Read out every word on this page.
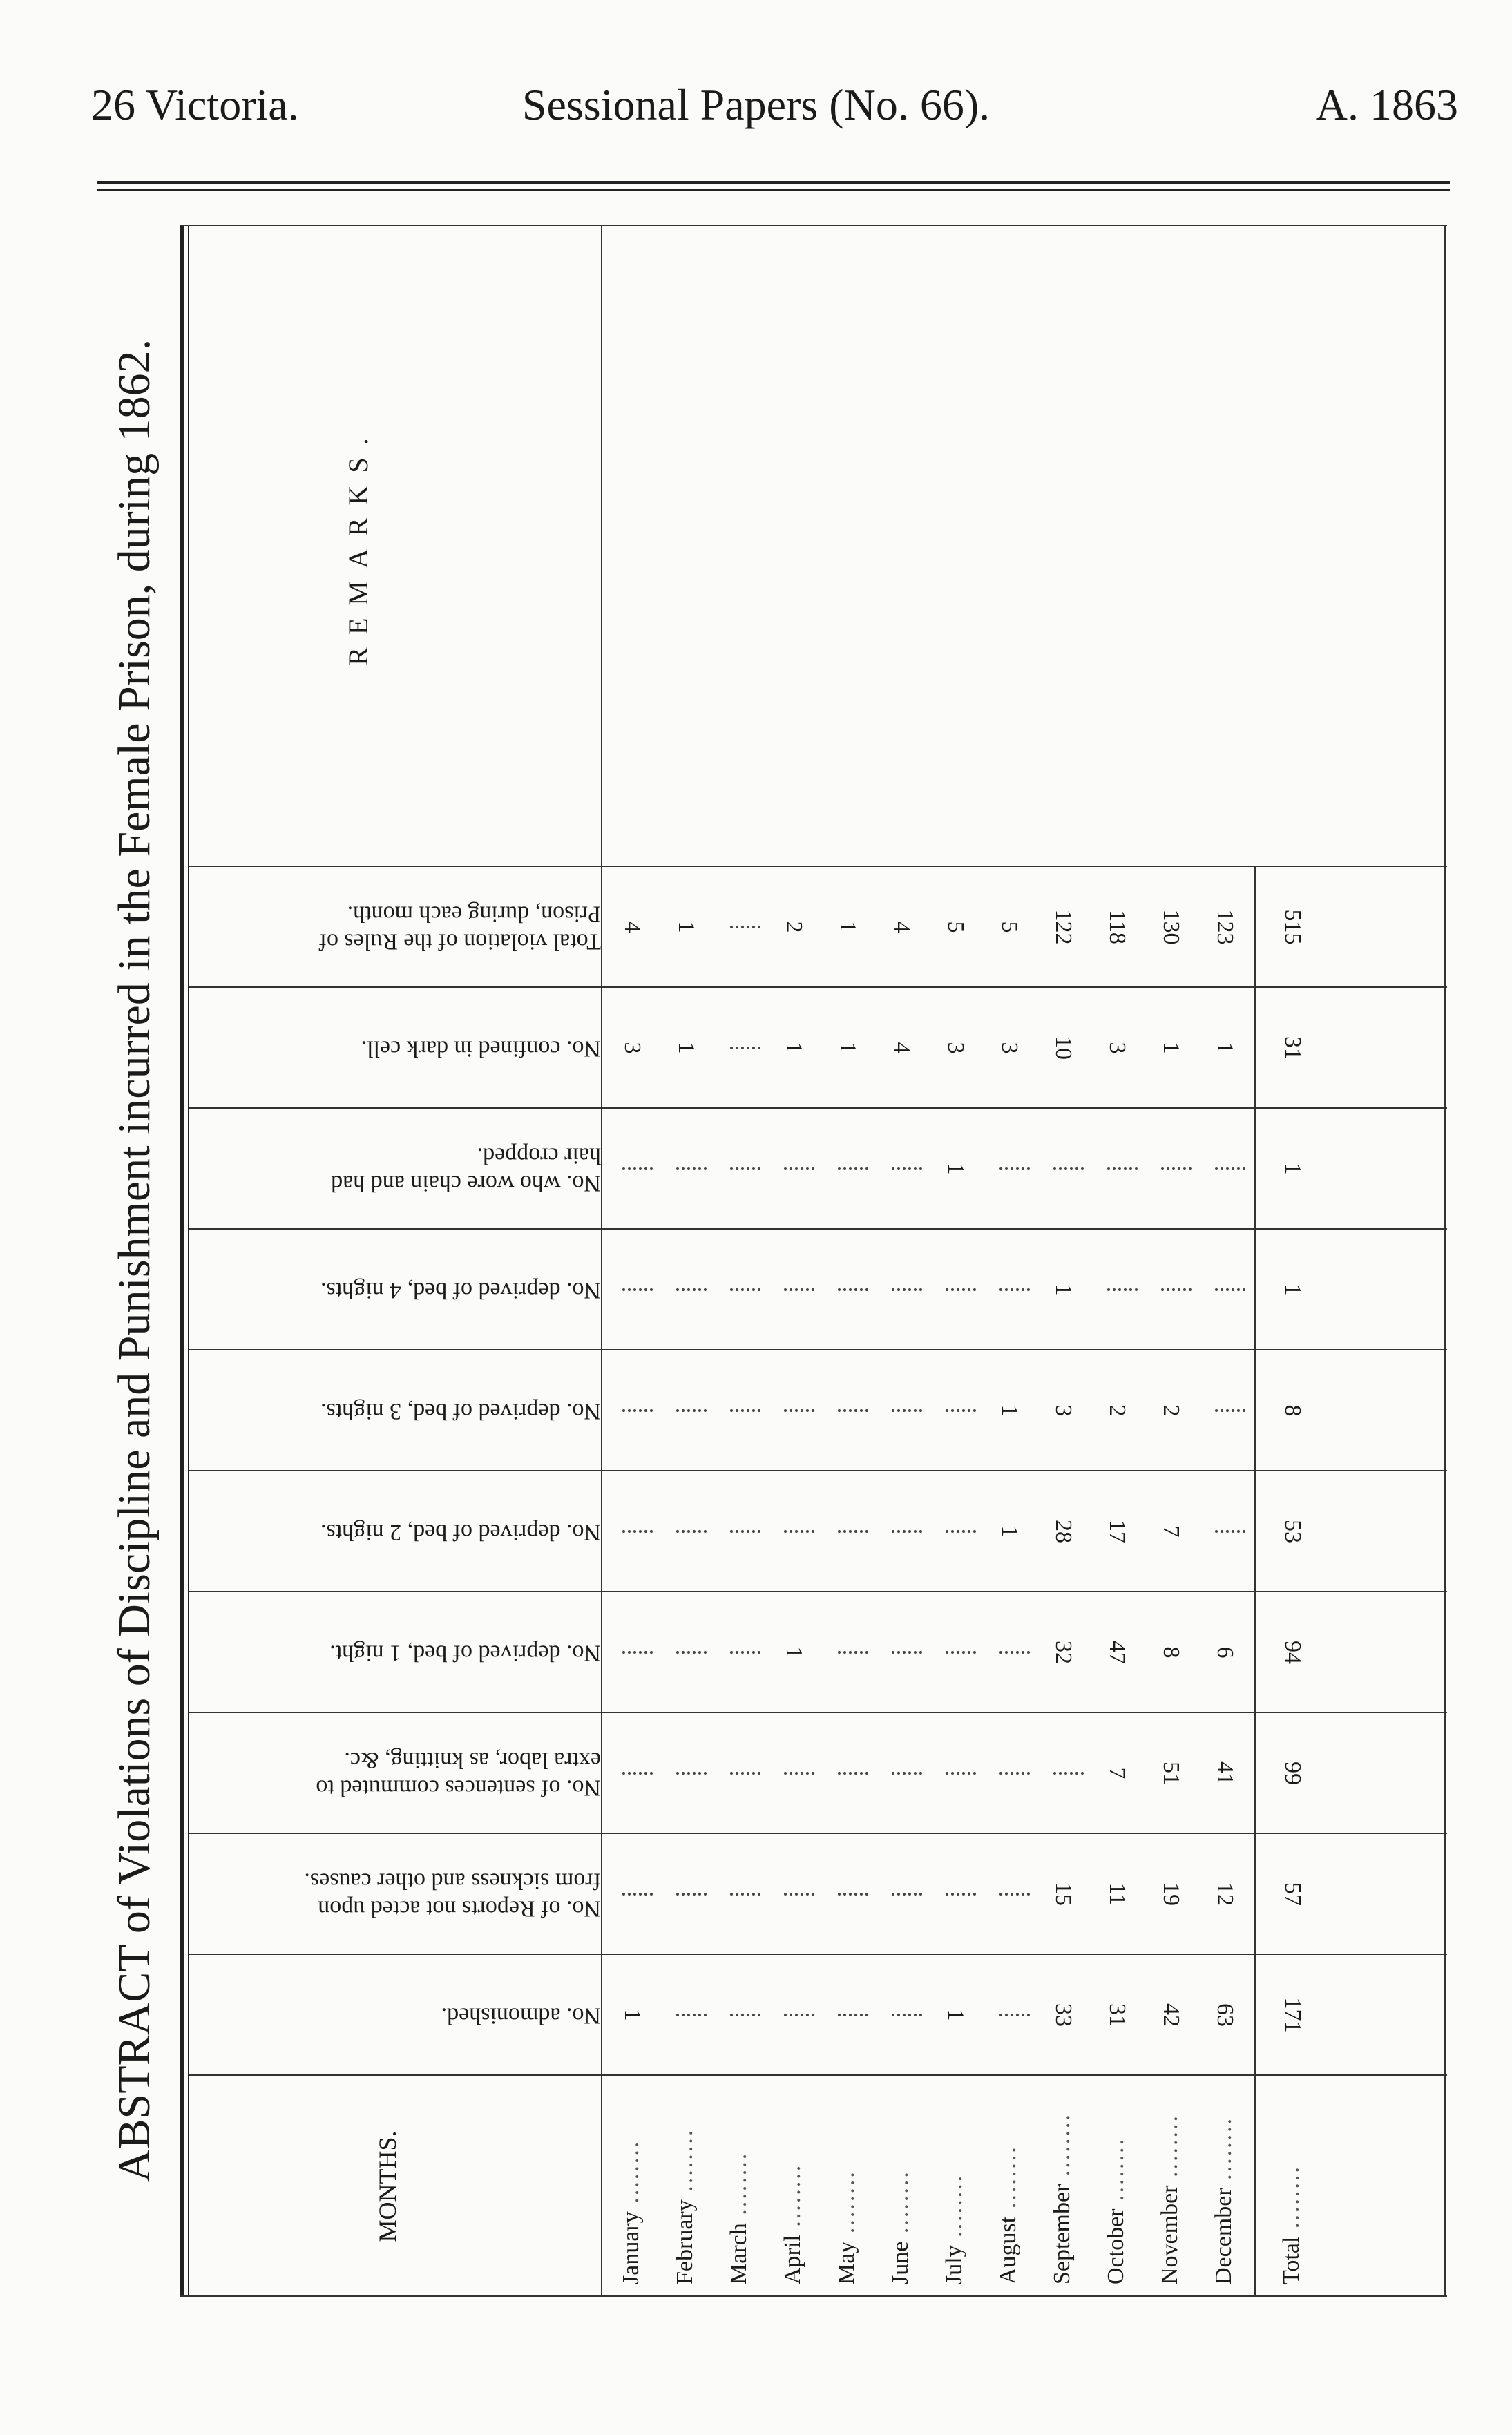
26 Victoria.	Sessional Papers (No. 66).	A. 1863
ABSTRACT of Violations of Discipline and Punishment incurred in the Female Prison, during 1862.
MONTHS.
REMARKS.
No. admonished.
No. of Reports not acted upon
from sickness and other causes.
No. of sentences commuted to
extra labor, as knitting, &c.
No. deprived of bed, 1 night.
No. deprived of bed, 2 nights.
No. deprived of bed, 3 nights.
No. deprived of bed, 4 nights.
No. who wore chain and had
hair cropped.
No. confined in dark cell.
Total violation of the Rules of
Prison, during each month.
January ........
1
3
4
February ........
1
1
March ........
April ........
1
1
2
May ........
1
1
June ........
4
4
July ........
1
1
3
5
August ........
1
1
3
5
September ........
33
15
32
28
3
1
10
122
October ........
31
11
7
47
17
2
3
118
November ........
42
19
51
8
7
2
1
130
December ........
63
12
41
6
1
123
Total ........
171
57
99
94
53
8
1
1
31
515
